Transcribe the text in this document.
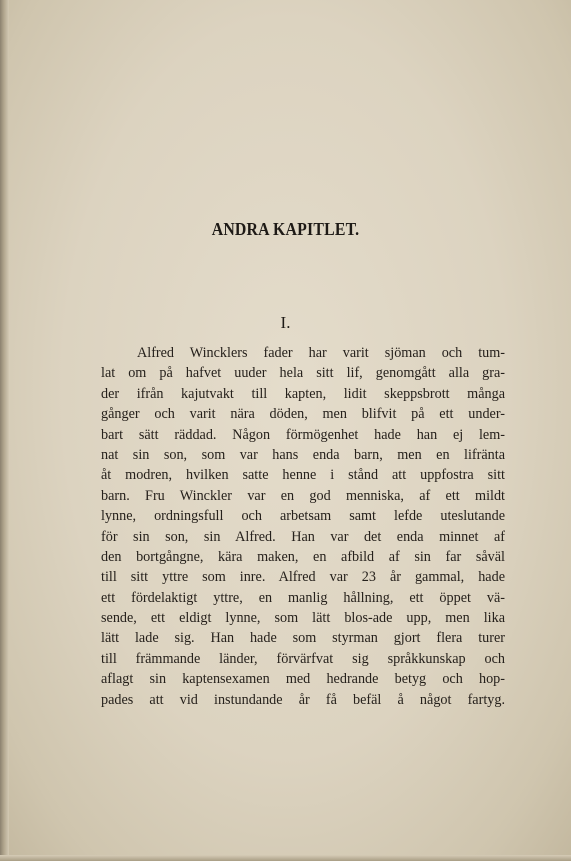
ANDRA KAPITLET.
I.
Alfred Wincklers fader har varit sjöman och tum-
lat om på hafvet uuder hela sitt lif, genomgått alla gra-
der ifrån kajutvakt till kapten, lidit skeppsbrott många
gånger och varit nära döden, men blifvit på ett under-
bart sätt räddad. Någon förmögenhet hade han ej lem-
nat sin son, som var hans enda barn, men en lifränta
åt modren, hvilken satte henne i stånd att uppfostra sitt
barn. Fru Winckler var en god menniska, af ett mildt
lynne, ordningsfull och arbetsam samt lefde uteslutande
för sin son, sin Alfred. Han var det enda minnet af
den bortgångne, kära maken, en afbild af sin far såväl
till sitt yttre som inre. Alfred var 23 år gammal, hade
ett fördelaktigt yttre, en manlig hållning, ett öppet vä-
sende, ett eldigt lynne, som lätt blos-ade upp, men lika
lätt lade sig. Han hade som styrman gjort flera turer
till främmande länder, förvärfvat sig språkkunskap och
aflagt sin kaptensexamen med hedrande betyg och hop-
pades att vid instundande år få befäl å något fartyg.
